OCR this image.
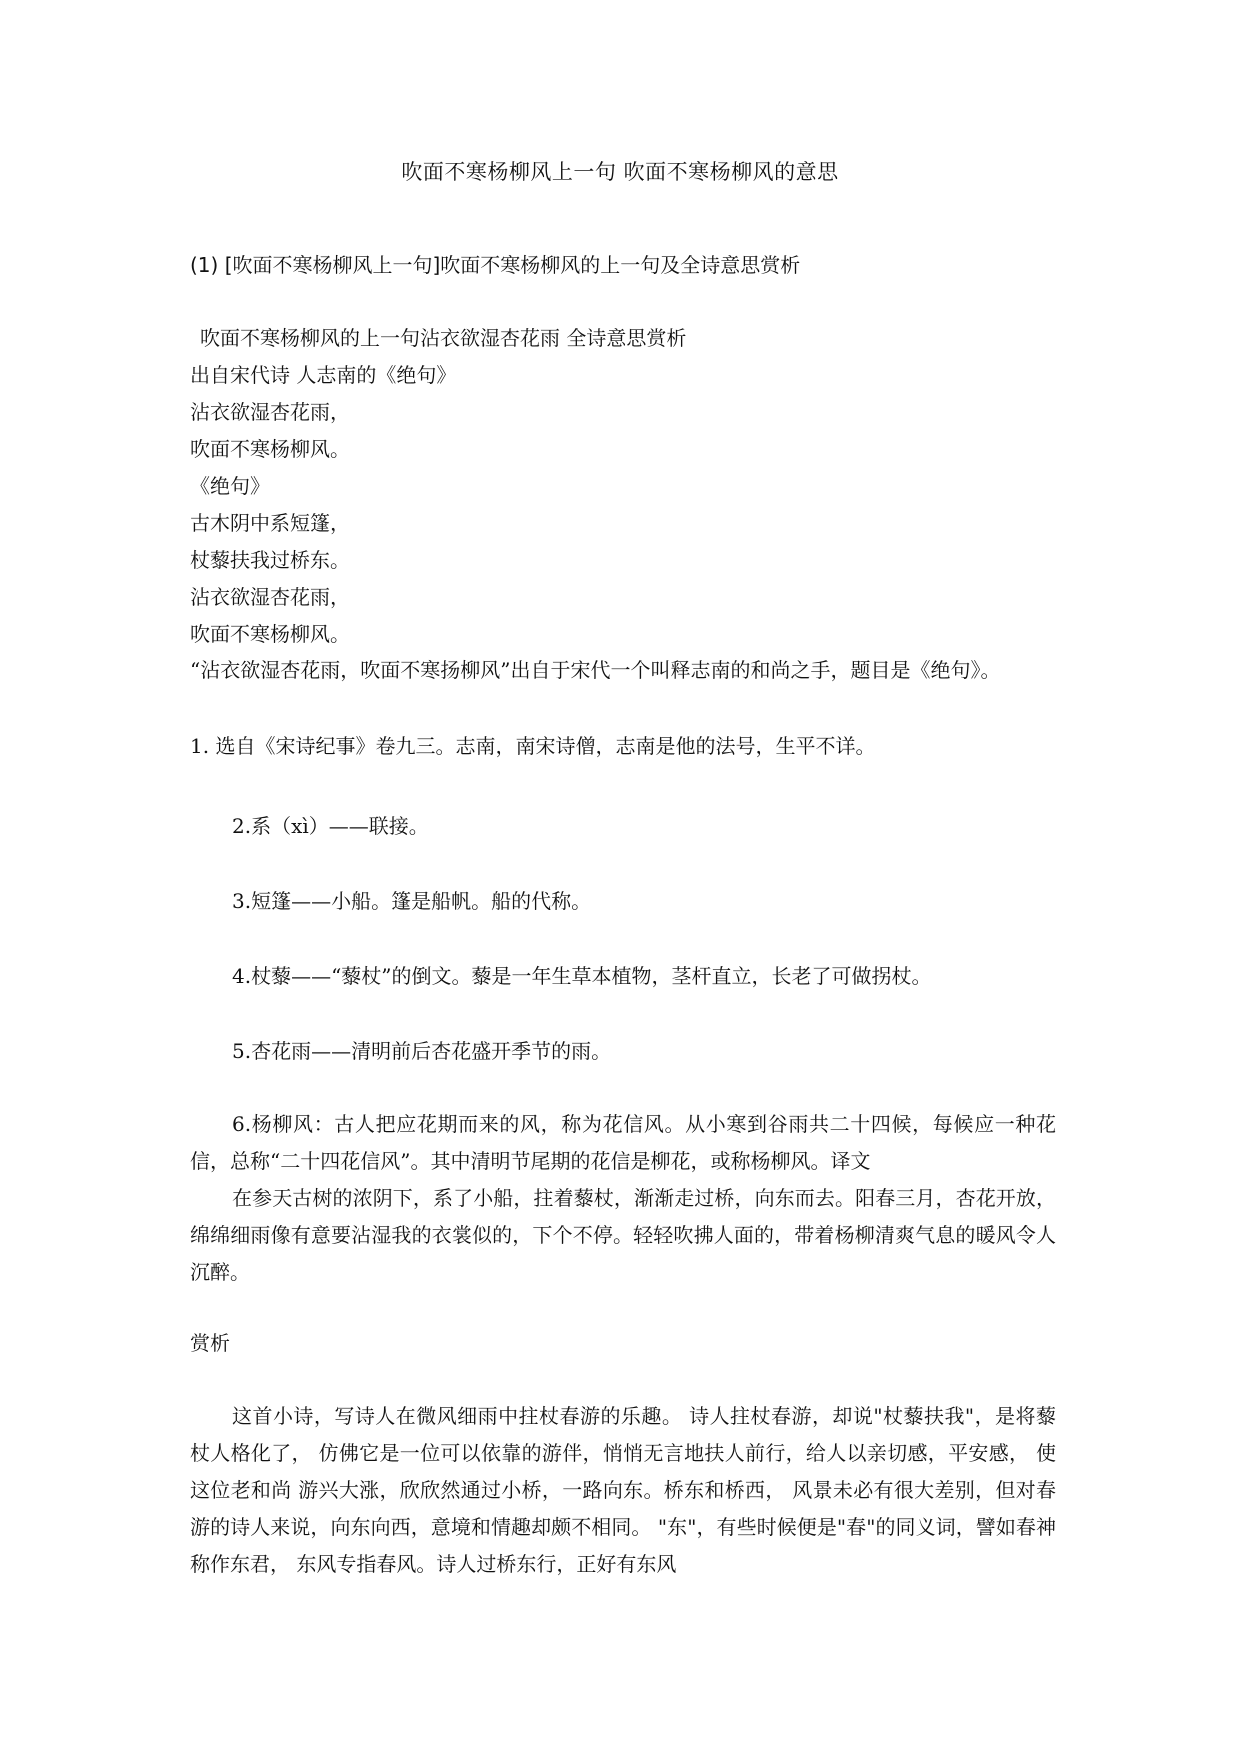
吹面不寒杨柳风上一句 吹面不寒杨柳风的意思
(1) [吹面不寒杨柳风上一句]吹面不寒杨柳风的上一句及全诗意思赏析
吹面不寒杨柳风的上一句沾衣欲湿杏花雨 全诗意思赏析
出自宋代诗 人志南的《绝句》
沾衣欲湿杏花雨，
吹面不寒杨柳风。
《绝句》
古木阴中系短篷，
杖藜扶我过桥东。
沾衣欲湿杏花雨，
吹面不寒杨柳风。
“沾衣欲湿杏花雨，吹面不寒扬柳风”出自于宋代一个叫释志南的和尚之手，题目是《绝句》。
1. 选自《宋诗纪事》卷九三。志南，南宋诗僧，志南是他的法号，生平不详。
2.系（xì）——联接。
3.短篷——小船。篷是船帆。船的代称。
4.杖藜——“藜杖”的倒文。藜是一年生草本植物，茎杆直立，长老了可做拐杖。
5.杏花雨——清明前后杏花盛开季节的雨。
6.杨柳风：古人把应花期而来的风，称为花信风。从小寒到谷雨共二十四候，每候应一种花信，总称“二十四花信风”。其中清明节尾期的花信是柳花，或称杨柳风。译文
在参天古树的浓阴下，系了小船，拄着藜杖，渐渐走过桥，向东而去。阳春三月，杏花开放，绵绵细雨像有意要沾湿我的衣裳似的，下个不停。轻轻吹拂人面的，带着杨柳清爽气息的暖风令人沉醉。
赏析
这首小诗，写诗人在微风细雨中拄杖春游的乐趣。 诗人拄杖春游，却说"杖藜扶我"，是将藜杖人格化了， 仿佛它是一位可以依靠的游伴，悄悄无言地扶人前行，给人以亲切感，平安感， 使这位老和尚 游兴大涨，欣欣然通过小桥，一路向东。桥东和桥西， 风景未必有很大差别，但对春游的诗人来说，向东向西，意境和情趣却颇不相同。 "东"，有些时候便是"春"的同义词，譬如春神称作东君， 东风专指春风。诗人过桥东行，正好有东风
